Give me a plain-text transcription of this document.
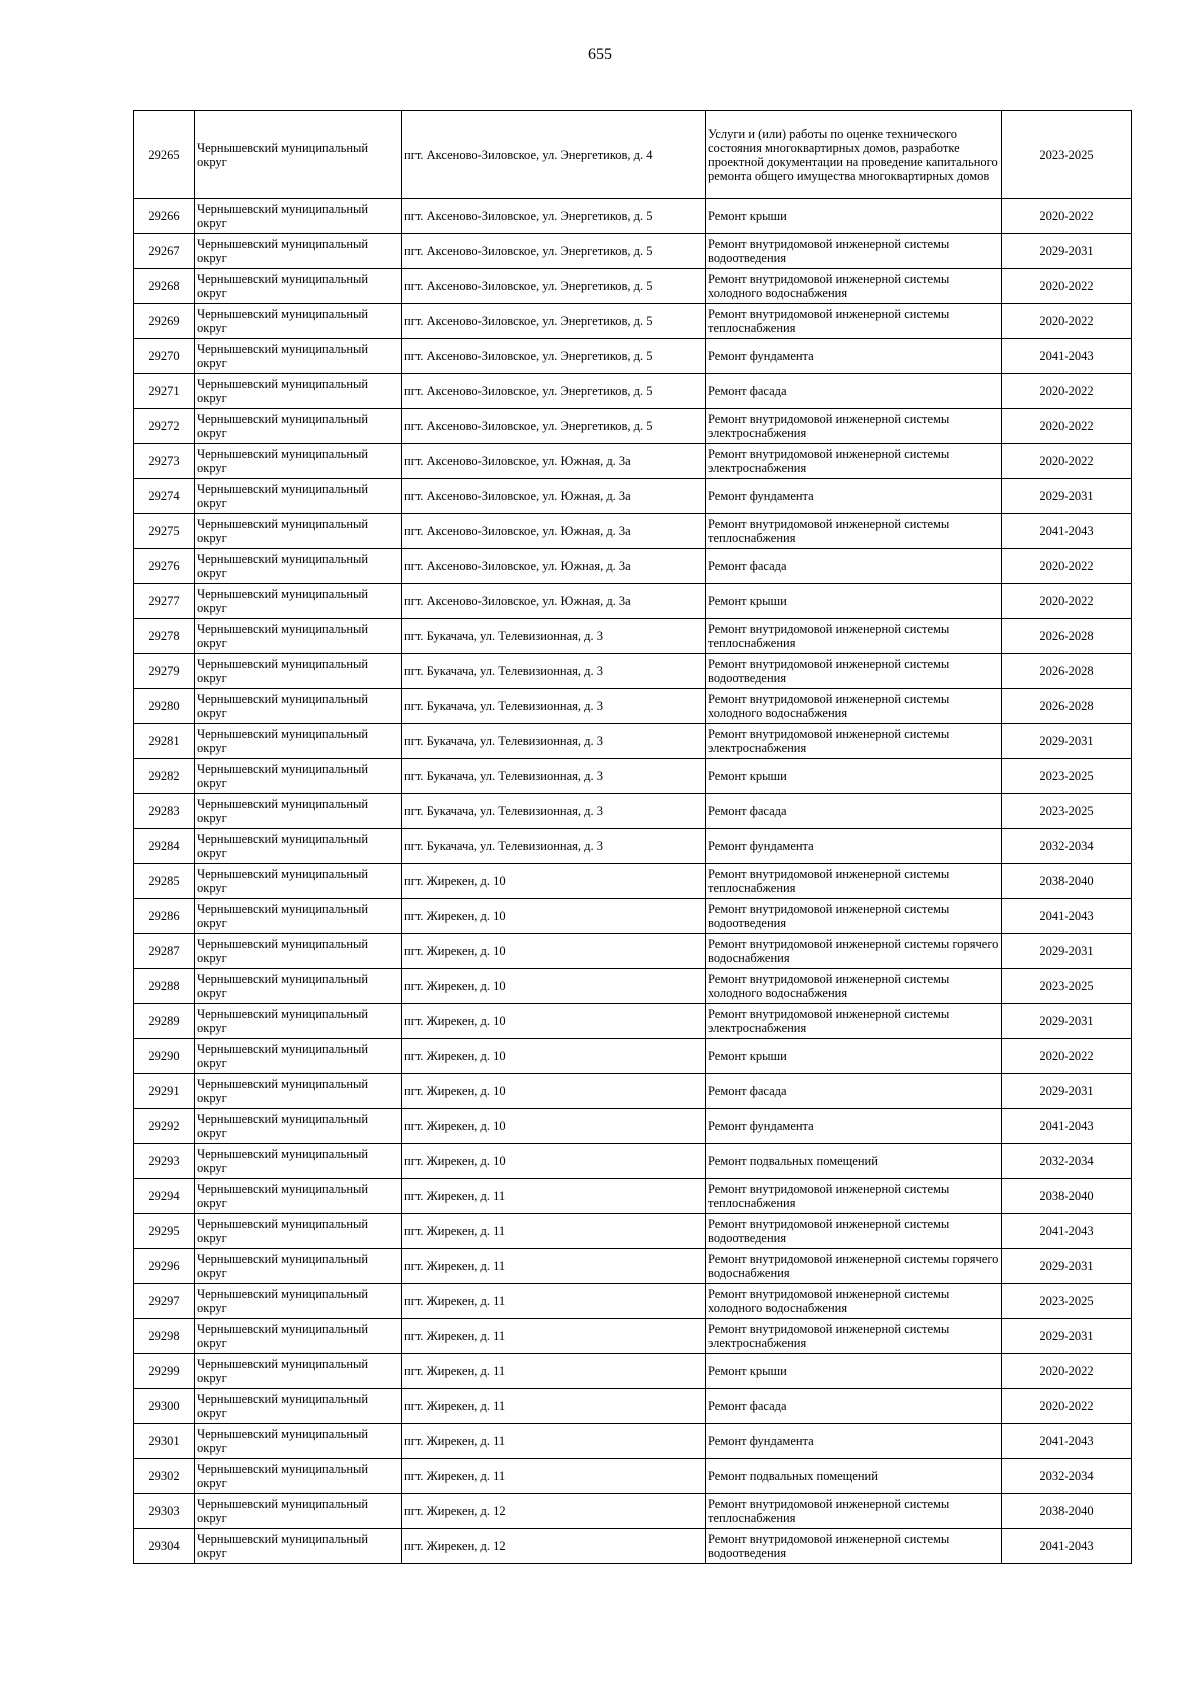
655
29265	Чернышевский муниципальный округ	пгт. Аксеново-Зиловское, ул. Энергетиков, д. 4	Услуги и (или) работы по оценке технического состояния многоквартирных домов, разработке проектной документации на проведение капитального ремонта общего имущества многоквартирных домов	2023-2025
29266	Чернышевский муниципальный округ	пгт. Аксеново-Зиловское, ул. Энергетиков, д. 5	Ремонт крыши	2020-2022
29267	Чернышевский муниципальный округ	пгт. Аксеново-Зиловское, ул. Энергетиков, д. 5	Ремонт внутридомовой инженерной системы водоотведения	2029-2031
29268	Чернышевский муниципальный округ	пгт. Аксеново-Зиловское, ул. Энергетиков, д. 5	Ремонт внутридомовой инженерной системы холодного водоснабжения	2020-2022
29269	Чернышевский муниципальный округ	пгт. Аксеново-Зиловское, ул. Энергетиков, д. 5	Ремонт внутридомовой инженерной системы теплоснабжения	2020-2022
29270	Чернышевский муниципальный округ	пгт. Аксеново-Зиловское, ул. Энергетиков, д. 5	Ремонт фундамента	2041-2043
29271	Чернышевский муниципальный округ	пгт. Аксеново-Зиловское, ул. Энергетиков, д. 5	Ремонт фасада	2020-2022
29272	Чернышевский муниципальный округ	пгт. Аксеново-Зиловское, ул. Энергетиков, д. 5	Ремонт внутридомовой инженерной системы электроснабжения	2020-2022
29273	Чернышевский муниципальный округ	пгт. Аксеново-Зиловское, ул. Южная, д. 3а	Ремонт внутридомовой инженерной системы электроснабжения	2020-2022
29274	Чернышевский муниципальный округ	пгт. Аксеново-Зиловское, ул. Южная, д. 3а	Ремонт фундамента	2029-2031
29275	Чернышевский муниципальный округ	пгт. Аксеново-Зиловское, ул. Южная, д. 3а	Ремонт внутридомовой инженерной системы теплоснабжения	2041-2043
29276	Чернышевский муниципальный округ	пгт. Аксеново-Зиловское, ул. Южная, д. 3а	Ремонт фасада	2020-2022
29277	Чернышевский муниципальный округ	пгт. Аксеново-Зиловское, ул. Южная, д. 3а	Ремонт крыши	2020-2022
29278	Чернышевский муниципальный округ	пгт. Букачача, ул. Телевизионная, д. 3	Ремонт внутридомовой инженерной системы теплоснабжения	2026-2028
29279	Чернышевский муниципальный округ	пгт. Букачача, ул. Телевизионная, д. 3	Ремонт внутридомовой инженерной системы водоотведения	2026-2028
29280	Чернышевский муниципальный округ	пгт. Букачача, ул. Телевизионная, д. 3	Ремонт внутридомовой инженерной системы холодного водоснабжения	2026-2028
29281	Чернышевский муниципальный округ	пгт. Букачача, ул. Телевизионная, д. 3	Ремонт внутридомовой инженерной системы электроснабжения	2029-2031
29282	Чернышевский муниципальный округ	пгт. Букачача, ул. Телевизионная, д. 3	Ремонт крыши	2023-2025
29283	Чернышевский муниципальный округ	пгт. Букачача, ул. Телевизионная, д. 3	Ремонт фасада	2023-2025
29284	Чернышевский муниципальный округ	пгт. Букачача, ул. Телевизионная, д. 3	Ремонт фундамента	2032-2034
29285	Чернышевский муниципальный округ	пгт. Жирекен, д. 10	Ремонт внутридомовой инженерной системы теплоснабжения	2038-2040
29286	Чернышевский муниципальный округ	пгт. Жирекен, д. 10	Ремонт внутридомовой инженерной системы водоотведения	2041-2043
29287	Чернышевский муниципальный округ	пгт. Жирекен, д. 10	Ремонт внутридомовой инженерной системы горячего водоснабжения	2029-2031
29288	Чернышевский муниципальный округ	пгт. Жирекен, д. 10	Ремонт внутридомовой инженерной системы холодного водоснабжения	2023-2025
29289	Чернышевский муниципальный округ	пгт. Жирекен, д. 10	Ремонт внутридомовой инженерной системы электроснабжения	2029-2031
29290	Чернышевский муниципальный округ	пгт. Жирекен, д. 10	Ремонт крыши	2020-2022
29291	Чернышевский муниципальный округ	пгт. Жирекен, д. 10	Ремонт фасада	2029-2031
29292	Чернышевский муниципальный округ	пгт. Жирекен, д. 10	Ремонт фундамента	2041-2043
29293	Чернышевский муниципальный округ	пгт. Жирекен, д. 10	Ремонт подвальных помещений	2032-2034
29294	Чернышевский муниципальный округ	пгт. Жирекен, д. 11	Ремонт внутридомовой инженерной системы теплоснабжения	2038-2040
29295	Чернышевский муниципальный округ	пгт. Жирекен, д. 11	Ремонт внутридомовой инженерной системы водоотведения	2041-2043
29296	Чернышевский муниципальный округ	пгт. Жирекен, д. 11	Ремонт внутридомовой инженерной системы горячего водоснабжения	2029-2031
29297	Чернышевский муниципальный округ	пгт. Жирекен, д. 11	Ремонт внутридомовой инженерной системы холодного водоснабжения	2023-2025
29298	Чернышевский муниципальный округ	пгт. Жирекен, д. 11	Ремонт внутридомовой инженерной системы электроснабжения	2029-2031
29299	Чернышевский муниципальный округ	пгт. Жирекен, д. 11	Ремонт крыши	2020-2022
29300	Чернышевский муниципальный округ	пгт. Жирекен, д. 11	Ремонт фасада	2020-2022
29301	Чернышевский муниципальный округ	пгт. Жирекен, д. 11	Ремонт фундамента	2041-2043
29302	Чернышевский муниципальный округ	пгт. Жирекен, д. 11	Ремонт подвальных помещений	2032-2034
29303	Чернышевский муниципальный округ	пгт. Жирекен, д. 12	Ремонт внутридомовой инженерной системы теплоснабжения	2038-2040
29304	Чернышевский муниципальный округ	пгт. Жирекен, д. 12	Ремонт внутридомовой инженерной системы водоотведения	2041-2043
